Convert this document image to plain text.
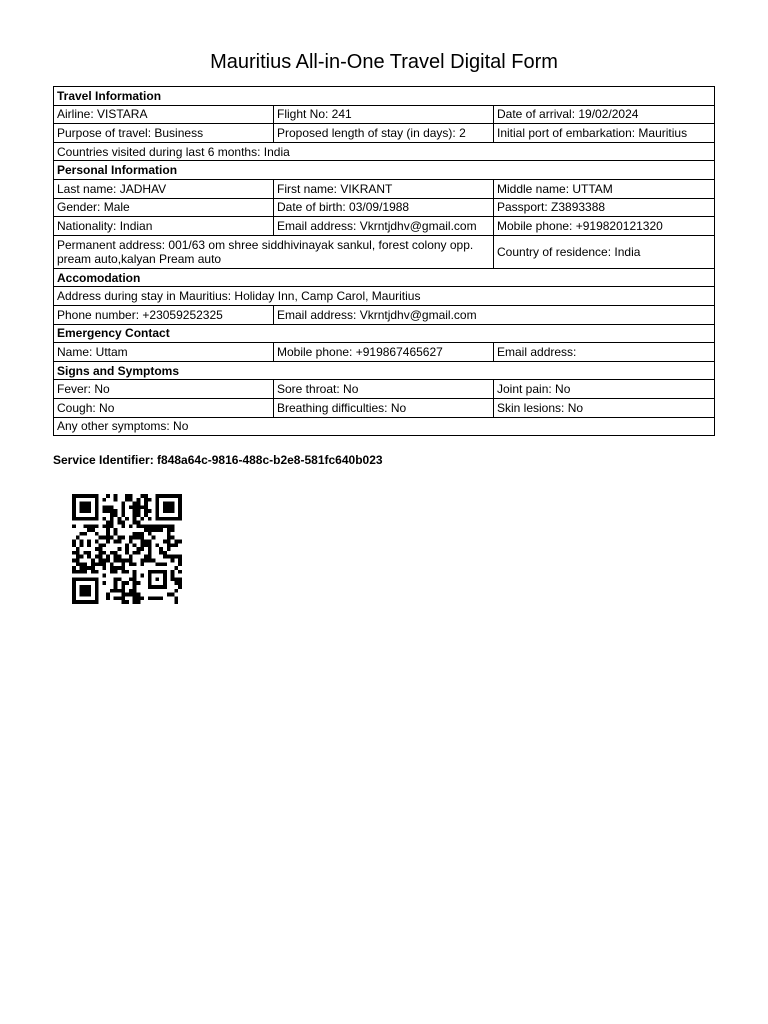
Mauritius All-in-One Travel Digital Form
Travel Information		
Airline: VISTARA	Flight No: 241	Date of arrival: 19/02/2024
Purpose of travel: Business	Proposed length of stay (in days): 2	Initial port of embarkation: Mauritius
Countries visited during last 6 months: India		
Personal Information		
Last name: JADHAV	First name: VIKRANT	Middle name: UTTAM
Gender: Male	Date of birth: 03/09/1988	Passport: Z3893388
Nationality: Indian	Email address: Vkrntjdhv@gmail.com	Mobile phone: +919820121320
Permanent address: 001/63 om shree siddhivinayak sankul, forest colony opp. pream auto,kalyan Pream auto		Country of residence: India
Accomodation		
Address during stay in Mauritius: Holiday Inn, Camp Carol, Mauritius		
Phone number: +23059252325	Email address: Vkrntjdhv@gmail.com	
Emergency Contact		
Name: Uttam	Mobile phone: +919867465627	Email address:
Signs and Symptoms		
Fever: No	Sore throat: No	Joint pain: No
Cough: No	Breathing difficulties: No	Skin lesions: No
Any other symptoms: No		
Service Identifier: f848a64c-9816-488c-b2e8-581fc640b023
